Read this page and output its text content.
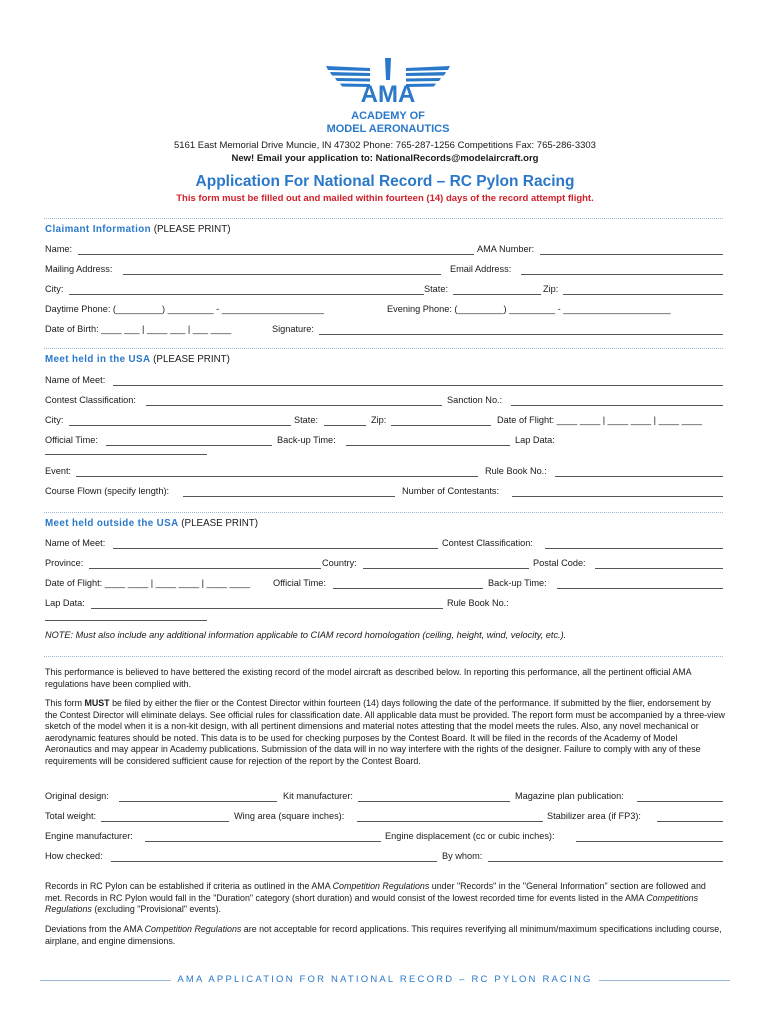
AMA
ACADEMY OF
MODEL AERONAUTICS
5161 East Memorial Drive Muncie, IN 47302 Phone: 765-287-1256 Competitions Fax: 765-286-3303
New! Email your application to: NationalRecords@modelaircraft.org
Application For National Record – RC Pylon Racing
This form must be filled out and mailed within fourteen (14) days of the record attempt flight.
Claimant Information (PLEASE PRINT)
Name:	AMA Number:
Mailing Address:	Email Address:
City:	State:	Zip:
Daytime Phone: (_________) _________ - ____________________	Evening Phone: (_________) _________ - _____________________
Date of Birth: ____ ___ | ____ ___ | ___ ____	Signature:
Meet held in the USA (PLEASE PRINT)
Name of Meet:
Contest Classification:	Sanction No.:
City:	State:	Zip:	Date of Flight: ____ ____ | ____ ____ | ____ ____
Official Time:	Back-up Time:	Lap Data:
Event:	Rule Book No.:
Course Flown (specify length):	Number of Contestants:
Meet held outside the USA (PLEASE PRINT)
Name of Meet:	Contest Classification:
Province:	Country:	Postal Code:
Date of Flight: ____ ____ | ____ ____ | ____ ____ Official Time:	Back-up Time:
Lap Data:	Rule Book No.:
NOTE: Must also include any additional information applicable to CIAM record homologation (ceiling, height, wind, velocity, etc.).
This performance is believed to have bettered the existing record of the model aircraft as described below. In reporting this performance, all the pertinent official AMA regulations have been complied with.
This form MUST be filed by either the flier or the Contest Director within fourteen (14) days following the date of the performance. If submitted by the flier, endorsement by the Contest Director will eliminate delays. See official rules for classification date. All applicable data must be provided. The report form must be accompanied by a three-view sketch of the model when it is a non-kit design, with all pertinent dimensions and material notes attesting that the model meets the rules. Also, any novel mechanical or aerodynamic features should be noted. This data is to be used for checking purposes by the Contest Board. It will be filed in the records of the Academy of Model Aeronautics and may appear in Academy publications. Submission of the data will in no way interfere with the rights of the designer. Failure to comply with any of these requirements will be considered sufficient cause for rejection of the report by the Contest Board.
Original design:	Kit manufacturer:	Magazine plan publication:
Total weight:	Wing area (square inches):	Stabilizer area (if FP3):
Engine manufacturer:	Engine displacement (cc or cubic inches):
How checked:	By whom:
Records in RC Pylon can be established if criteria as outlined in the AMA Competition Regulations under "Records" in the "General Information" section are followed and met. Records in RC Pylon would fall in the "Duration" category (short duration) and would consist of the lowest recorded time for events listed in the AMA Competitions Regulations (excluding "Provisional" events).
Deviations from the AMA Competition Regulations are not acceptable for record applications. This requires reverifying all minimum/maximum specifications including course, airplane, and engine dimensions.
AMA APPLICATION FOR NATIONAL RECORD – RC PYLON RACING
